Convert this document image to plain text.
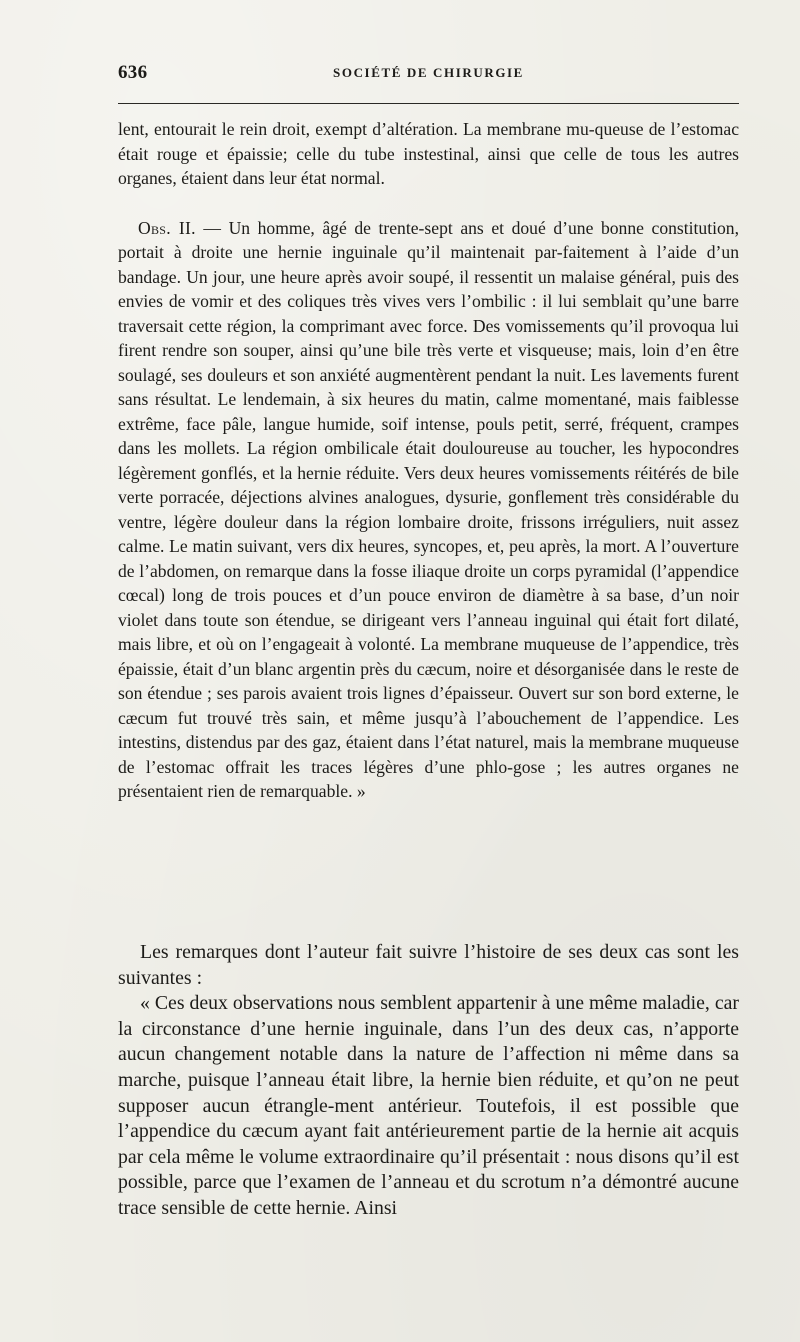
636	SOCIÉTÉ DE CHIRURGIE

lent, entourait le rein droit, exempt d’altération. La membrane mu-queuse de l’estomac était rouge et épaissie; celle du tube instestinal, ainsi que celle de tous les autres organes, étaient dans leur état normal.

Obs. II. — Un homme, âgé de trente-sept ans et doué d’une bonne constitution, portait à droite une hernie inguinale qu’il maintenait par-faitement à l’aide d’un bandage. Un jour, une heure après avoir soupé, il ressentit un malaise général, puis des envies de vomir et des coliques très vives vers l’ombilic : il lui semblait qu’une barre traversait cette région, la comprimant avec force. Des vomissements qu’il provoqua lui firent rendre son souper, ainsi qu’une bile très verte et visqueuse; mais, loin d’en être soulagé, ses douleurs et son anxiété augmentèrent pendant la nuit. Les lavements furent sans résultat. Le lendemain, à six heures du matin, calme momentané, mais faiblesse extrême, face pâle, langue humide, soif intense, pouls petit, serré, fréquent, crampes dans les mollets. La région ombilicale était douloureuse au toucher, les hypocondres légèrement gonflés, et la hernie réduite. Vers deux heures vomissements réitérés de bile verte porracée, déjections alvines analogues, dysurie, gonflement très considérable du ventre, légère douleur dans la région lombaire droite, frissons irréguliers, nuit assez calme. Le matin suivant, vers dix heures, syncopes, et, peu après, la mort. A l’ouverture de l’abdomen, on remarque dans la fosse iliaque droite un corps pyramidal (l’appendice cœcal) long de trois pouces et d’un pouce environ de diamètre à sa base, d’un noir violet dans toute son étendue, se dirigeant vers l’anneau inguinal qui était fort dilaté, mais libre, et où on l’engageait à volonté. La membrane muqueuse de l’appendice, très épaissie, était d’un blanc argentin près du cæcum, noire et désorganisée dans le reste de son étendue ; ses parois avaient trois lignes d’épaisseur. Ouvert sur son bord externe, le cæcum fut trouvé très sain, et même jusqu’à l’abouchement de l’appendice. Les intestins, distendus par des gaz, étaient dans l’état naturel, mais la membrane muqueuse de l’estomac offrait les traces légères d’une phlo-gose ; les autres organes ne présentaient rien de remarquable. »

Les remarques dont l’auteur fait suivre l’histoire de ses deux cas sont les suivantes :

« Ces deux observations nous semblent appartenir à une même maladie, car la circonstance d’une hernie inguinale, dans l’un des deux cas, n’apporte aucun changement notable dans la nature de l’affection ni même dans sa marche, puisque l’anneau était libre, la hernie bien réduite, et qu’on ne peut supposer aucun étrangle-ment antérieur. Toutefois, il est possible que l’appendice du cæcum ayant fait antérieurement partie de la hernie ait acquis par cela même le volume extraordinaire qu’il présentait : nous disons qu’il est possible, parce que l’examen de l’anneau et du scrotum n’a démontré aucune trace sensible de cette hernie. Ainsi
